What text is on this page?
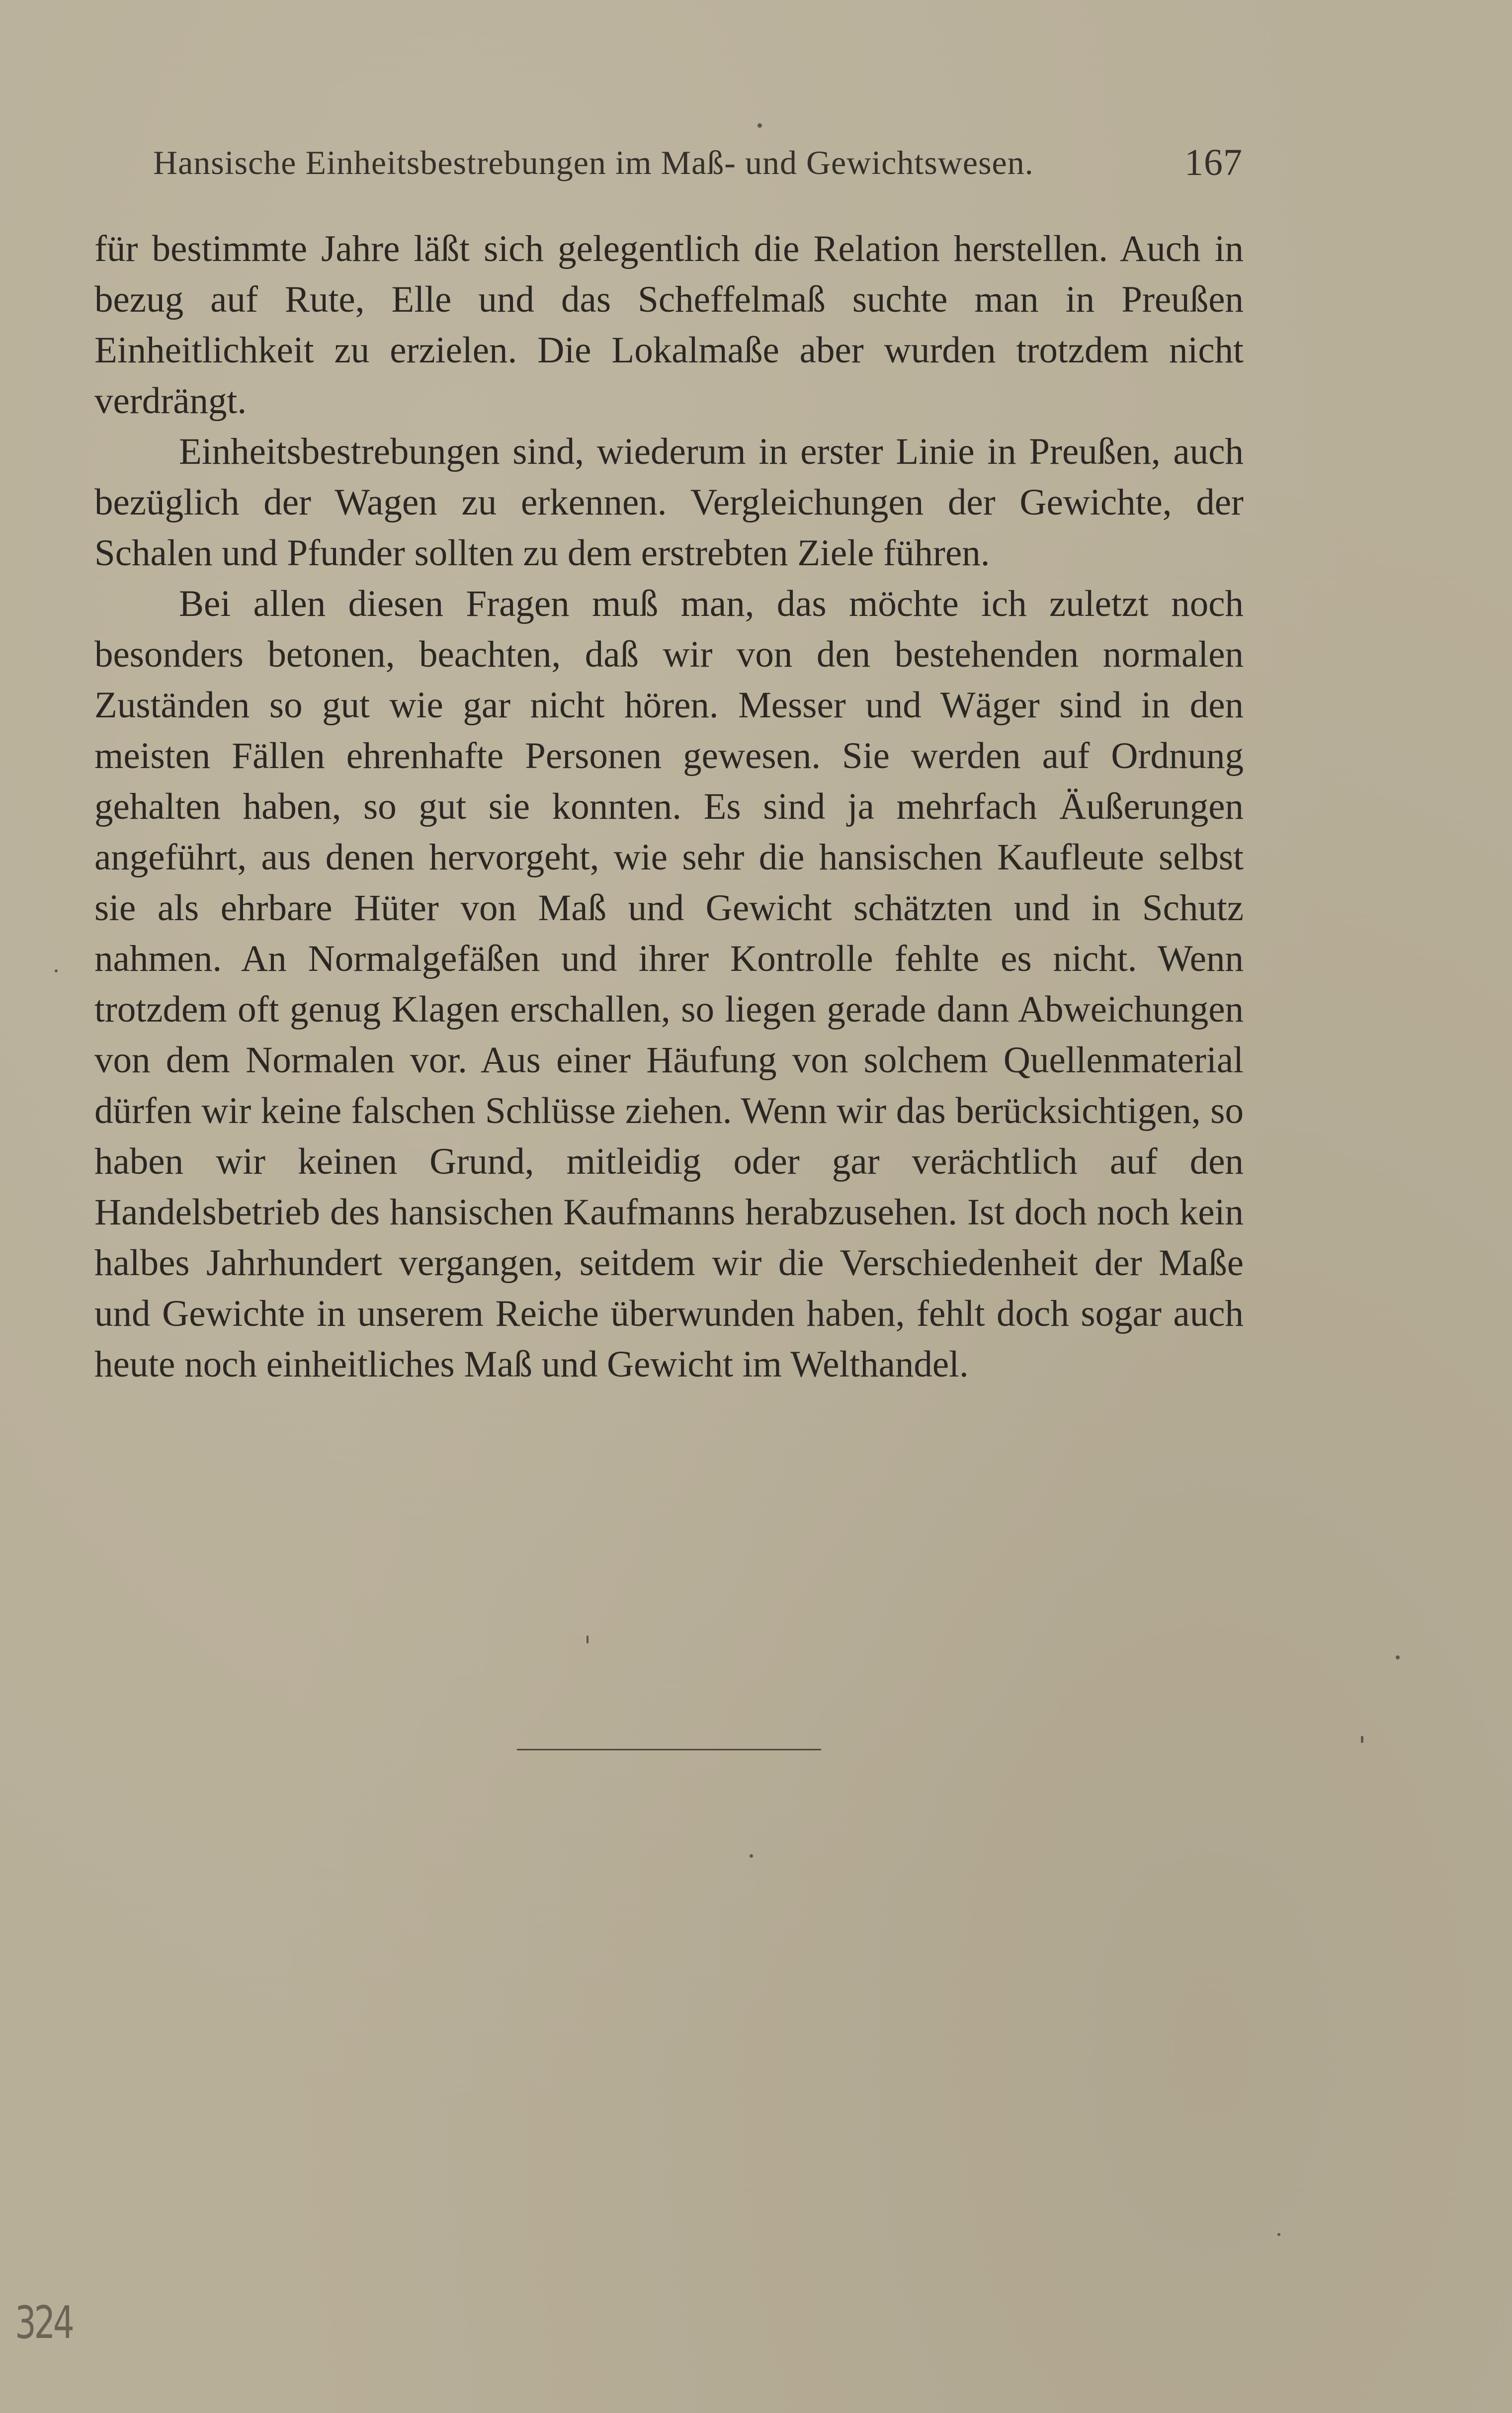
Hansische Einheitsbestrebungen im Maß- und Gewichtswesen.	167

für bestimmte Jahre läßt sich gelegentlich die Relation herstellen. Auch in bezug auf Rute, Elle und das Scheffelmaß suchte man in Preußen Einheitlichkeit zu erzielen. Die Lokalmaße aber wurden trotzdem nicht verdrängt.

Einheitsbestrebungen sind, wiederum in erster Linie in Preußen, auch bezüglich der Wagen zu erkennen. Vergleichungen der Gewichte, der Schalen und Pfunder sollten zu dem erstrebten Ziele führen.

Bei allen diesen Fragen muß man, das möchte ich zuletzt noch besonders betonen, beachten, daß wir von den bestehenden normalen Zuständen so gut wie gar nicht hören. Messer und Wäger sind in den meisten Fällen ehrenhafte Personen gewesen. Sie werden auf Ordnung gehalten haben, so gut sie konnten. Es sind ja mehrfach Äußerungen angeführt, aus denen hervorgeht, wie sehr die hansischen Kaufleute selbst sie als ehrbare Hüter von Maß und Gewicht schätzten und in Schutz nahmen. An Normalgefäßen und ihrer Kontrolle fehlte es nicht. Wenn trotzdem oft genug Klagen erschallen, so liegen gerade dann Abweichungen von dem Normalen vor. Aus einer Häufung von solchem Quellenmaterial dürfen wir keine falschen Schlüsse ziehen. Wenn wir das berücksichtigen, so haben wir keinen Grund, mitleidig oder gar verächtlich auf den Handelsbetrieb des hansischen Kaufmanns herabzusehen. Ist doch noch kein halbes Jahrhundert vergangen, seitdem wir die Verschiedenheit der Maße und Gewichte in unserem Reiche überwunden haben, fehlt doch sogar auch heute noch einheitliches Maß und Gewicht im Welthandel.

324
